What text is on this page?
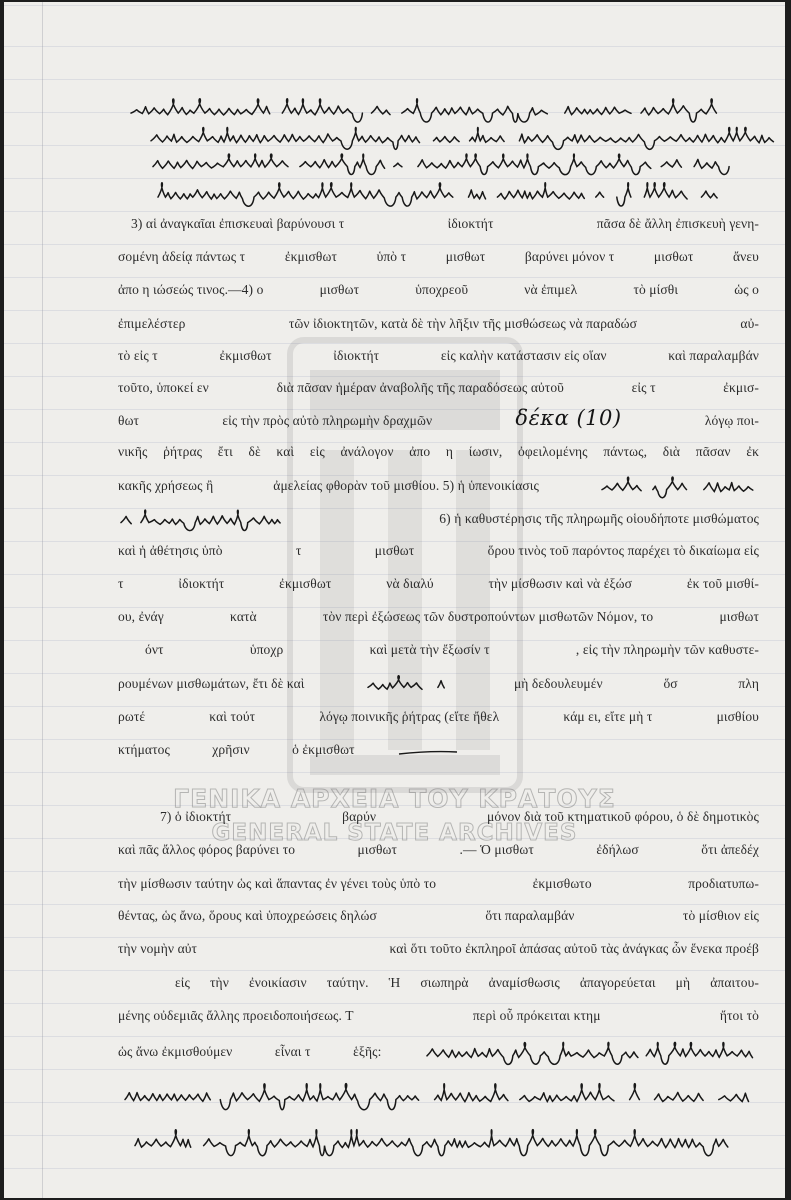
3) αἱ ἀναγκαῖαι ἐπισκευαὶ βαρύνουσι τ	ἰδιοκτήτ	πᾶσα δὲ ἄλλη ἐπισκευὴ γενη-
σομένη ἀδείᾳ πάντως τ	ἐκμισθωτ	ὑπὸ τ	μισθωτ	βαρύνει μόνον τ	μισθωτ	ἄνευ
ἀπο η ιώσεώς τινος.—4) ο	μισθωτ	ὑποχρεοῦ	νὰ ἐπιμελ	τὸ μίσθι	ὡς ο
ἐπιμελέστερ	τῶν ἰδιοκτητῶν, κατὰ δὲ τὴν λῆξιν τῆς μισθώσεως νὰ παραδώσ	αὐ-
τὸ εἰς τ	ἐκμισθωτ	ἰδιοκτήτ	εἰς καλὴν κατάστασιν εἰς οἵαν	καὶ παραλαμβάν
τοῦτο, ὑποκεί εν	διὰ πᾶσαν ἡμέραν ἀναβολῆς τῆς παραδόσεως αὐτοῦ	εἰς τ	ἐκμισ-
θωτ	εἰς τὴν πρὸς αὐτὸ πληρωμὴν δραχμῶν	δέκα (10)	λόγῳ ποι-
νικῆς ῥήτρας ἔτι δὲ καὶ εἰς ἀνάλογον ἀπο η ίωσιν, ὀφειλομένης πάντως, διὰ πᾶσαν ἐκ
κακῆς χρήσεως ἢ	ἀμελείας φθορὰν τοῦ μισθίου. 5) ἡ ὑπενοικίασις
6) ἡ καθυστέρησις τῆς πληρωμῆς οἱουδήποτε μισθώματος
καὶ ἡ ἀθέτησις ὑπὸ	τ	μισθωτ	ὅρου τινὸς τοῦ παρόντος παρέχει τὸ δικαίωμα εἰς
τ	ἰδιοκτήτ	ἐκμισθωτ	νὰ διαλύ	τὴν μίσθωσιν καὶ νὰ ἐξώσ	ἐκ τοῦ μισθί-
ου, ἐνάγ	κατὰ	τὸν περὶ ἐξώσεως τῶν δυστροπούντων μισθωτῶν Νόμον, το	μισθωτ
όντ	ὑποχρ	καὶ μετὰ τὴν ἔξωσίν τ	, εἰς τὴν πληρωμὴν τῶν καθυστε-
ρουμένων μισθωμάτων, ἔτι δὲ καὶ	μὴ δεδουλευμέν	ὅσ	πλη
ρωτέ	καὶ τούτ	λόγῳ ποινικῆς ῥήτρας (εἴτε ἤθελ	κάμ ει, εἴτε μὴ τ	μισθίου
κτήματος	χρῆσιν	ὁ ἐκμισθωτ
ΓΕΝΙΚΑ ΑΡΧΕΙΑ ΤΟΥ ΚΡΑΤΟΥΣ
GENERAL STATE ARCHIVES
7) ὁ ἰδιοκτήτ	βαρύν	μόνον διὰ τοῦ κτηματικοῦ φόρου, ὁ δὲ δημοτικὸς
καὶ πᾶς ἄλλος φόρος βαρύνει το	μισθωτ	.— Ὁ μισθωτ	ἐδήλωσ	ὅτι ἀπεδέχ
τὴν μίσθωσιν ταύτην ὡς καὶ ἅπαντας ἐν γένει τοὺς ὑπὸ το	ἐκμισθωτο	προδιατυπω-
θέντας, ὡς ἄνω, ὅρους καὶ ὑποχρεώσεις δηλώσ	ὅτι παραλαμβάν	τὸ μίσθιον εἰς
τὴν νομὴν αὐτ	καὶ ὅτι τοῦτο ἐκπληροῖ ἁπάσας αὐτοῦ τὰς ἀνάγκας ὧν ἕνεκα προέβ
εἰς τὴν ἐνοικίασιν ταύτην. Ἡ σιωπηρὰ ἀναμίσθωσις ἀπαγορεύεται μὴ ἀπαιτου-
μένης οὐδεμιᾶς ἄλλης προειδοποιήσεως. Τ	περὶ οὗ πρόκειται κτημ	ἤτοι τὸ
ὡς ἄνω ἐκμισθούμεν	εἶναι τ	ἑξῆς:
